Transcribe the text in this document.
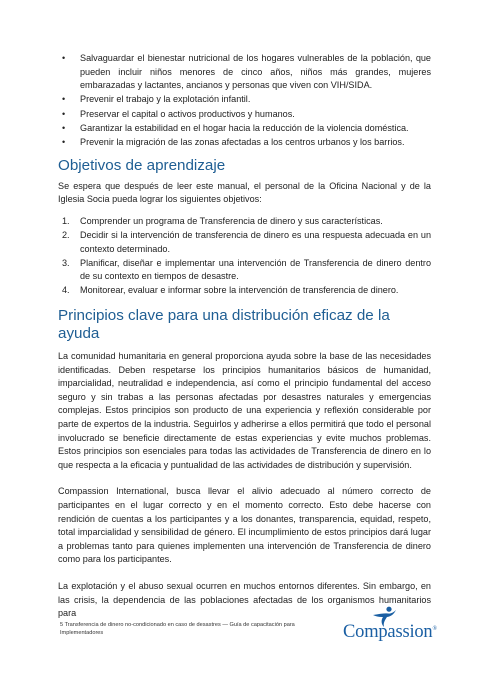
• Salvaguardar el bienestar nutricional de los hogares vulnerables de la población, que pueden incluir niños menores de cinco años, niños más grandes, mujeres embarazadas y lactantes, ancianos y personas que viven con VIH/SIDA.
• Prevenir el trabajo y la explotación infantil.
• Preservar el capital o activos productivos y humanos.
• Garantizar la estabilidad en el hogar hacia la reducción de la violencia doméstica.
• Prevenir la migración de las zonas afectadas a los centros urbanos y los barrios.
Objetivos de aprendizaje

Se espera que después de leer este manual, el personal de la Oficina Nacional y de la Iglesia Socia pueda lograr los siguientes objetivos:

1. Comprender un programa de Transferencia de dinero y sus características.
2. Decidir si la intervención de transferencia de dinero es una respuesta adecuada en un contexto determinado.
3. Planificar, diseñar e implementar una intervención de Transferencia de dinero dentro de su contexto en tiempos de desastre.
4. Monitorear, evaluar e informar sobre la intervención de transferencia de dinero.
Principios clave para una distribución eficaz de la ayuda

La comunidad humanitaria en general proporciona ayuda sobre la base de las necesidades identificadas. Deben respetarse los principios humanitarios básicos de humanidad, imparcialidad, neutralidad e independencia, así como el principio fundamental del acceso seguro y sin trabas a las personas afectadas por desastres naturales y emergencias complejas. Estos principios son producto de una experiencia y reflexión considerable por parte de expertos de la industria. Seguirlos y adherirse a ellos permitirá que todo el personal involucrado se beneficie directamente de estas experiencias y evite muchos problemas. Estos principios son esenciales para todas las actividades de Transferencia de dinero en lo que respecta a la eficacia y puntualidad de las actividades de distribución y supervisión.

Compassion International, busca llevar el alivio adecuado al número correcto de participantes en el lugar correcto y en el momento correcto. Esto debe hacerse con rendición de cuentas a los participantes y a los donantes, transparencia, equidad, respeto, total imparcialidad y sensibilidad de género. El incumplimiento de estos principios dará lugar a problemas tanto para quienes implementen una intervención de Transferencia de dinero como para los participantes.

La explotación y el abuso sexual ocurren en muchos entornos diferentes. Sin embargo, en las crisis, la dependencia de las poblaciones afectadas de los organismos humanitarios para

5 Transferencia de dinero no-condicionado en caso de desastres — Guía de capacitación para Implementadores	Compassion®
